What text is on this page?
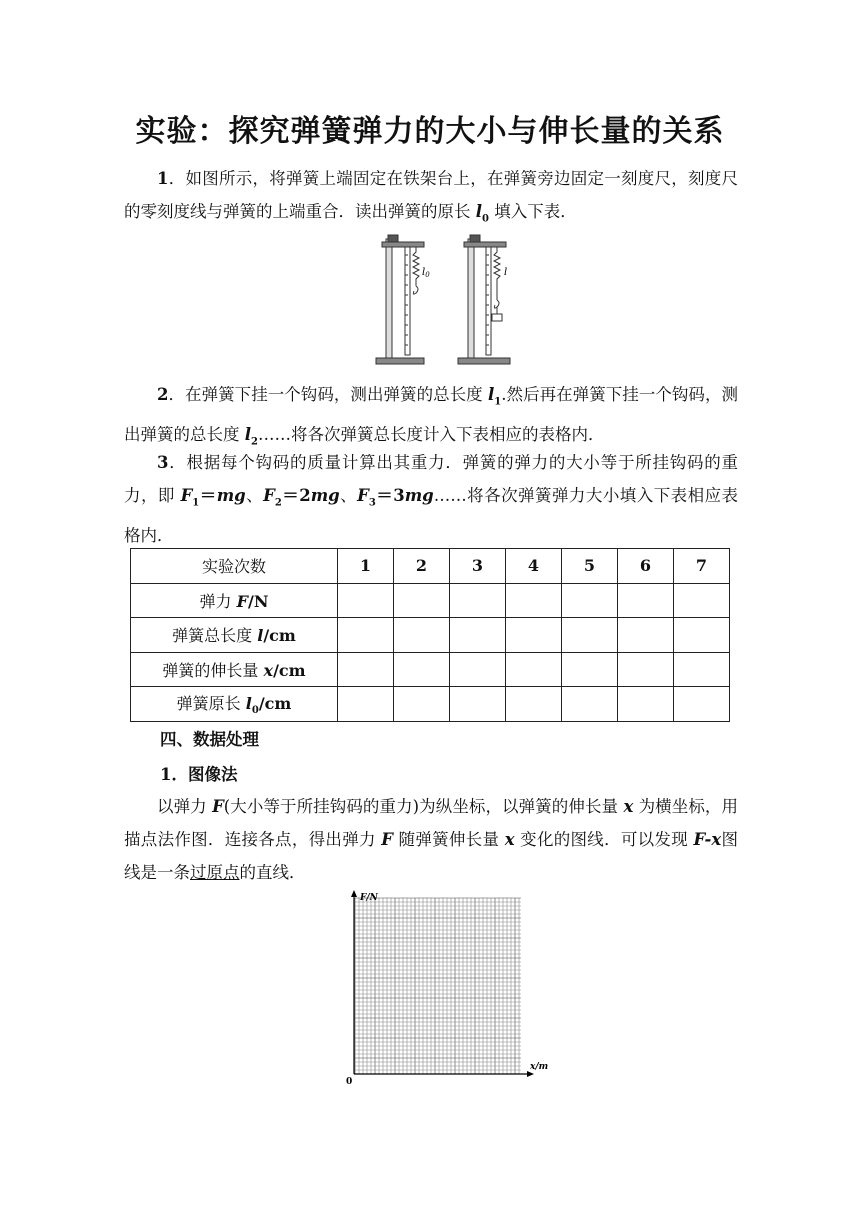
实验：探究弹簧弹力的大小与伸长量的关系
1．如图所示，将弹簧上端固定在铁架台上，在弹簧旁边固定一刻度尺，刻度尺的零刻度线与弹簧的上端重合．读出弹簧的原长 $l_0$ 填入下表．
$l_0$	l
2．在弹簧下挂一个钩码，测出弹簧的总长度 $l_1$.然后再在弹簧下挂一个钩码，测出弹簧的总长度 $l_2\dots\dots$将各次弹簧总长度计入下表相应的表格内．
3．根据每个钩码的质量计算出其重力．弹簧的弹力的大小等于所挂钩码的重力，即 $F_1=mg$、$F_2=2mg$、$F_3=3mg\dots\dots$将各次弹簧弹力大小填入下表相应表格内．
实验次数	1	2	3	4	5	6	7
弹力 F/N							
弹簧总长度 l/cm							
弹簧的伸长量 x/cm							
弹簧原长 $l_0/cm$							
四、数据处理
1．图像法
以弹力 F(大小等于所挂钩码的重力)为纵坐标，以弹簧的伸长量 x 为横坐标，用描点法作图．连接各点，得出弹力 F 随弹簧伸长量 x 变化的图线．可以发现 F-x图线是一条过原点的直线．
F/N
x/m
0
